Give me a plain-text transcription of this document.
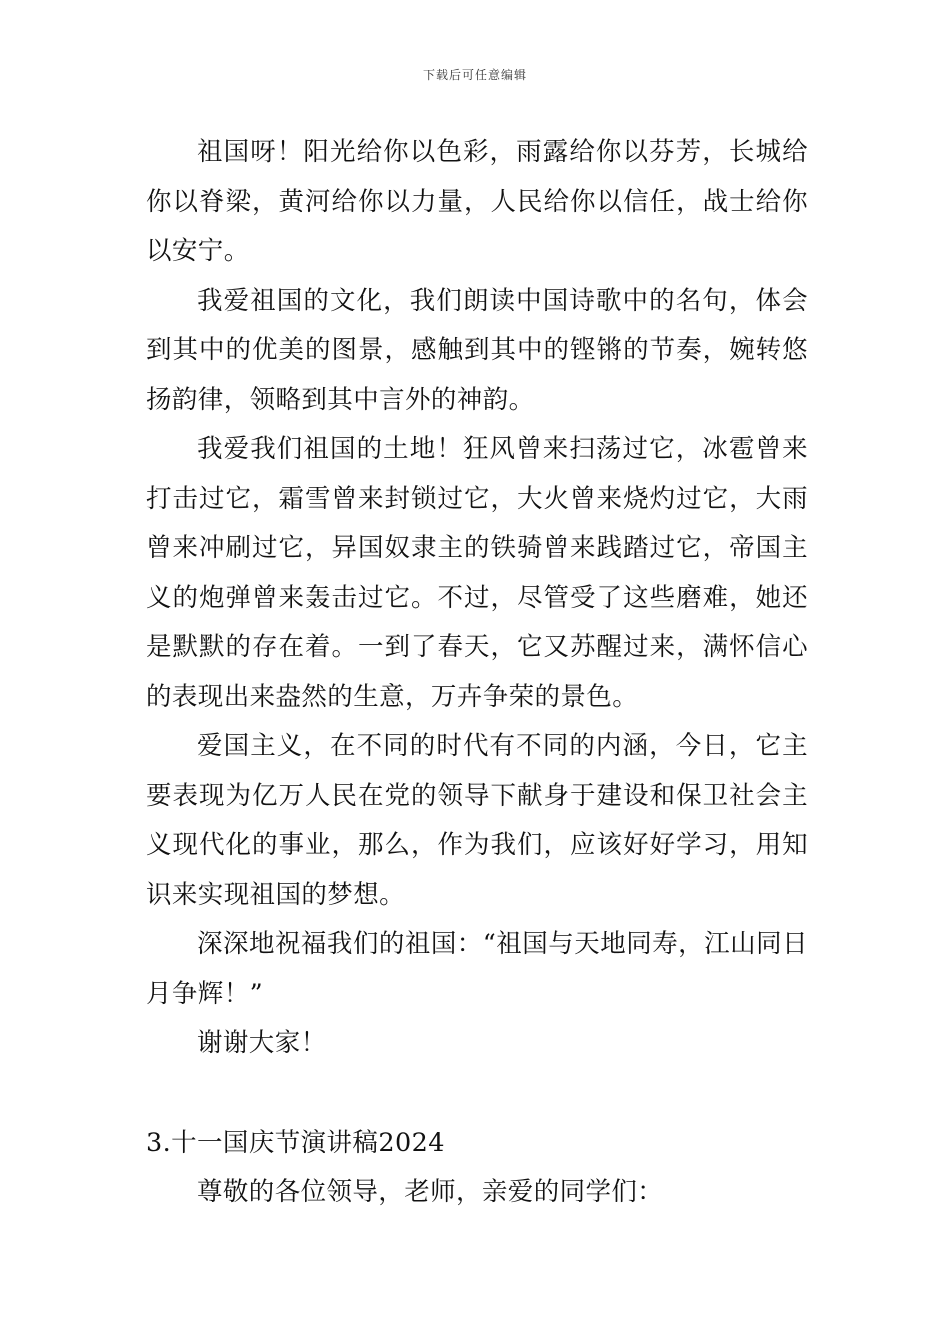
下载后可任意编辑

祖国呀！阳光给你以色彩，雨露给你以芬芳，长城给你以脊梁，黄河给你以力量，人民给你以信任，战士给你以安宁。

我爱祖国的文化，我们朗读中国诗歌中的名句，体会到其中的优美的图景，感触到其中的铿锵的节奏，婉转悠扬韵律，领略到其中言外的神韵。

我爱我们祖国的土地！狂风曾来扫荡过它，冰雹曾来打击过它，霜雪曾来封锁过它，大火曾来烧灼过它，大雨曾来冲刷过它，异国奴隶主的铁骑曾来践踏过它，帝国主义的炮弹曾来轰击过它。不过，尽管受了这些磨难，她还是默默的存在着。一到了春天，它又苏醒过来，满怀信心的表现出来盎然的生意，万卉争荣的景色。

爱国主义，在不同的时代有不同的内涵，今日，它主要表现为亿万人民在党的领导下献身于建设和保卫社会主义现代化的事业，那么，作为我们，应该好好学习，用知识来实现祖国的梦想。

深深地祝福我们的祖国：“祖国与天地同寿，江山同日月争辉！”

谢谢大家！

3.十一国庆节演讲稿2024

尊敬的各位领导，老师，亲爱的同学们：
